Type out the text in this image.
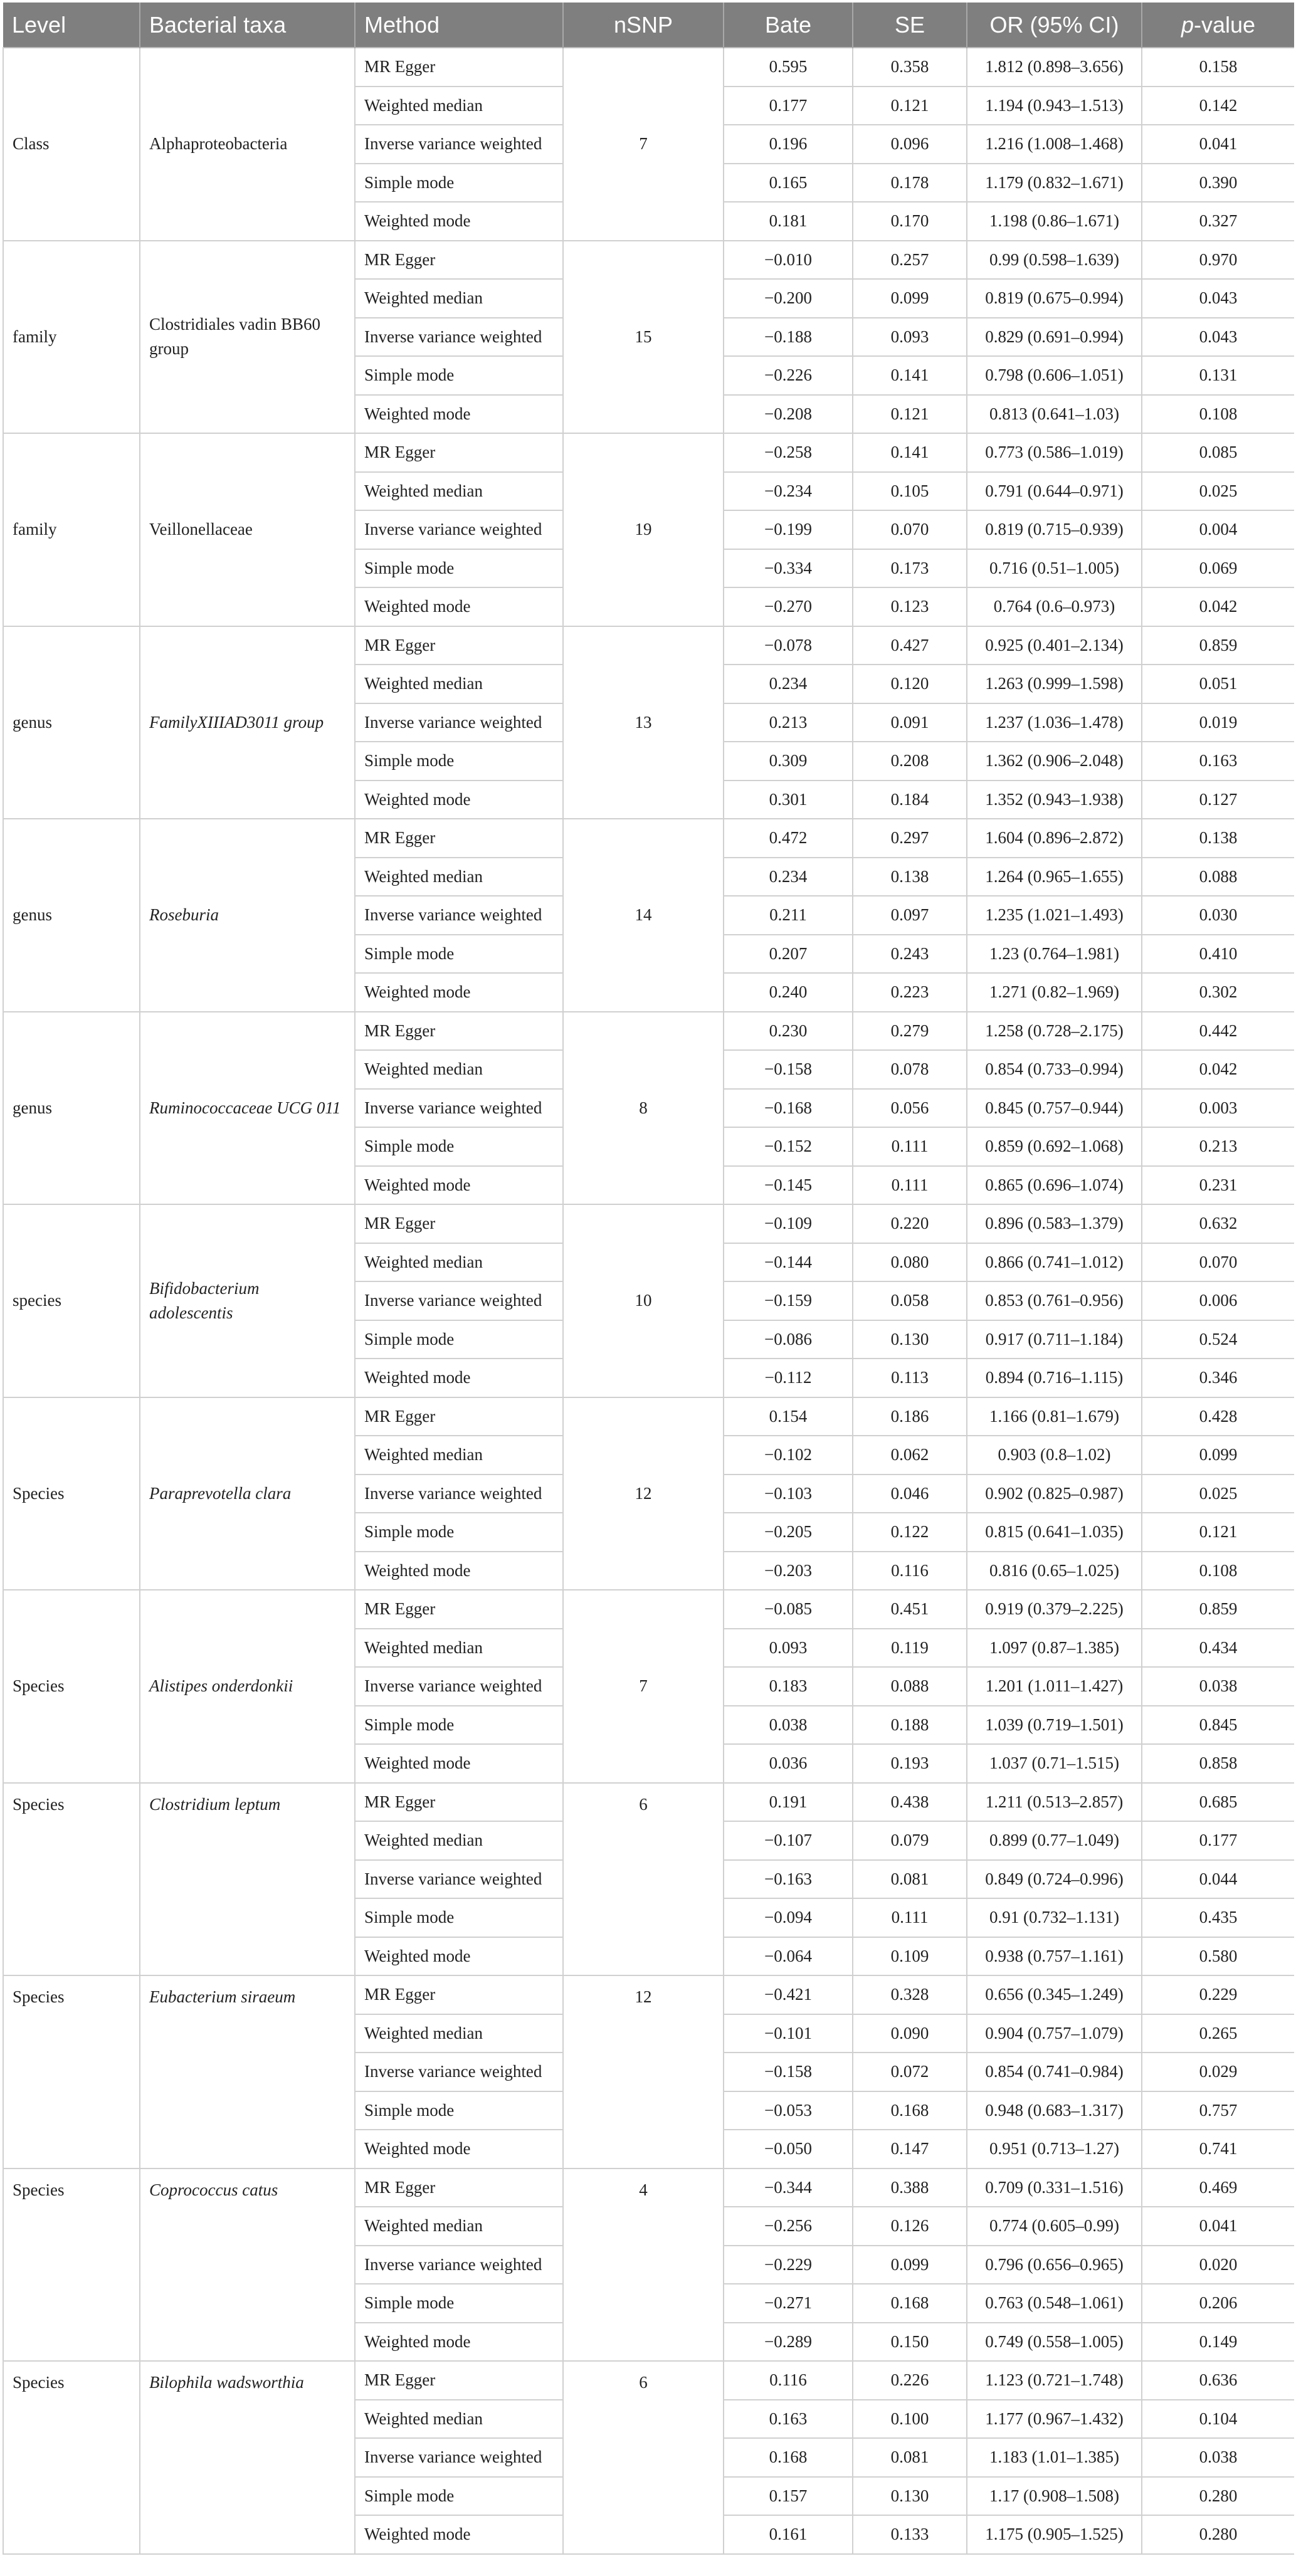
Level	Bacterial taxa	Method	nSNP	Bate	SE	OR (95% CI)	p-value
Class	Alphaproteobacteria	MR Egger	7	0.595	0.358	1.812 (0.898–3.656)	0.158
		Weighted median		0.177	0.121	1.194 (0.943–1.513)	0.142
		Inverse variance weighted		0.196	0.096	1.216 (1.008–1.468)	0.041
		Simple mode		0.165	0.178	1.179 (0.832–1.671)	0.390
		Weighted mode		0.181	0.170	1.198 (0.86–1.671)	0.327
family	Clostridiales vadin BB60 group	MR Egger	15	−0.010	0.257	0.99 (0.598–1.639)	0.970
		Weighted median		−0.200	0.099	0.819 (0.675–0.994)	0.043
		Inverse variance weighted		−0.188	0.093	0.829 (0.691–0.994)	0.043
		Simple mode		−0.226	0.141	0.798 (0.606–1.051)	0.131
		Weighted mode		−0.208	0.121	0.813 (0.641–1.03)	0.108
family	Veillonellaceae	MR Egger	19	−0.258	0.141	0.773 (0.586–1.019)	0.085
		Weighted median		−0.234	0.105	0.791 (0.644–0.971)	0.025
		Inverse variance weighted		−0.199	0.070	0.819 (0.715–0.939)	0.004
		Simple mode		−0.334	0.173	0.716 (0.51–1.005)	0.069
		Weighted mode		−0.270	0.123	0.764 (0.6–0.973)	0.042
genus	FamilyXIIIAD3011 group	MR Egger	13	−0.078	0.427	0.925 (0.401–2.134)	0.859
		Weighted median		0.234	0.120	1.263 (0.999–1.598)	0.051
		Inverse variance weighted		0.213	0.091	1.237 (1.036–1.478)	0.019
		Simple mode		0.309	0.208	1.362 (0.906–2.048)	0.163
		Weighted mode		0.301	0.184	1.352 (0.943–1.938)	0.127
genus	Roseburia	MR Egger	14	0.472	0.297	1.604 (0.896–2.872)	0.138
		Weighted median		0.234	0.138	1.264 (0.965–1.655)	0.088
		Inverse variance weighted		0.211	0.097	1.235 (1.021–1.493)	0.030
		Simple mode		0.207	0.243	1.23 (0.764–1.981)	0.410
		Weighted mode		0.240	0.223	1.271 (0.82–1.969)	0.302
genus	Ruminococcaceae UCG 011	MR Egger	8	0.230	0.279	1.258 (0.728–2.175)	0.442
		Weighted median		−0.158	0.078	0.854 (0.733–0.994)	0.042
		Inverse variance weighted		−0.168	0.056	0.845 (0.757–0.944)	0.003
		Simple mode		−0.152	0.111	0.859 (0.692–1.068)	0.213
		Weighted mode		−0.145	0.111	0.865 (0.696–1.074)	0.231
species	Bifidobacterium adolescentis	MR Egger	10	−0.109	0.220	0.896 (0.583–1.379)	0.632
		Weighted median		−0.144	0.080	0.866 (0.741–1.012)	0.070
		Inverse variance weighted		−0.159	0.058	0.853 (0.761–0.956)	0.006
		Simple mode		−0.086	0.130	0.917 (0.711–1.184)	0.524
		Weighted mode		−0.112	0.113	0.894 (0.716–1.115)	0.346
Species	Paraprevotella clara	MR Egger	12	0.154	0.186	1.166 (0.81–1.679)	0.428
		Weighted median		−0.102	0.062	0.903 (0.8–1.02)	0.099
		Inverse variance weighted		−0.103	0.046	0.902 (0.825–0.987)	0.025
		Simple mode		−0.205	0.122	0.815 (0.641–1.035)	0.121
		Weighted mode		−0.203	0.116	0.816 (0.65–1.025)	0.108
Species	Alistipes onderdonkii	MR Egger	7	−0.085	0.451	0.919 (0.379–2.225)	0.859
		Weighted median		0.093	0.119	1.097 (0.87–1.385)	0.434
		Inverse variance weighted		0.183	0.088	1.201 (1.011–1.427)	0.038
		Simple mode		0.038	0.188	1.039 (0.719–1.501)	0.845
		Weighted mode		0.036	0.193	1.037 (0.71–1.515)	0.858
Species	Clostridium leptum	MR Egger	6	0.191	0.438	1.211 (0.513–2.857)	0.685
		Weighted median		−0.107	0.079	0.899 (0.77–1.049)	0.177
		Inverse variance weighted		−0.163	0.081	0.849 (0.724–0.996)	0.044
		Simple mode		−0.094	0.111	0.91 (0.732–1.131)	0.435
		Weighted mode		−0.064	0.109	0.938 (0.757–1.161)	0.580
Species	Eubacterium siraeum	MR Egger	12	−0.421	0.328	0.656 (0.345–1.249)	0.229
		Weighted median		−0.101	0.090	0.904 (0.757–1.079)	0.265
		Inverse variance weighted		−0.158	0.072	0.854 (0.741–0.984)	0.029
		Simple mode		−0.053	0.168	0.948 (0.683–1.317)	0.757
		Weighted mode		−0.050	0.147	0.951 (0.713–1.27)	0.741
Species	Coprococcus catus	MR Egger	4	−0.344	0.388	0.709 (0.331–1.516)	0.469
		Weighted median		−0.256	0.126	0.774 (0.605–0.99)	0.041
		Inverse variance weighted		−0.229	0.099	0.796 (0.656–0.965)	0.020
		Simple mode		−0.271	0.168	0.763 (0.548–1.061)	0.206
		Weighted mode		−0.289	0.150	0.749 (0.558–1.005)	0.149
Species	Bilophila wadsworthia	MR Egger	6	0.116	0.226	1.123 (0.721–1.748)	0.636
		Weighted median		0.163	0.100	1.177 (0.967–1.432)	0.104
		Inverse variance weighted		0.168	0.081	1.183 (1.01–1.385)	0.038
		Simple mode		0.157	0.130	1.17 (0.908–1.508)	0.280
		Weighted mode		0.161	0.133	1.175 (0.905–1.525)	0.280
